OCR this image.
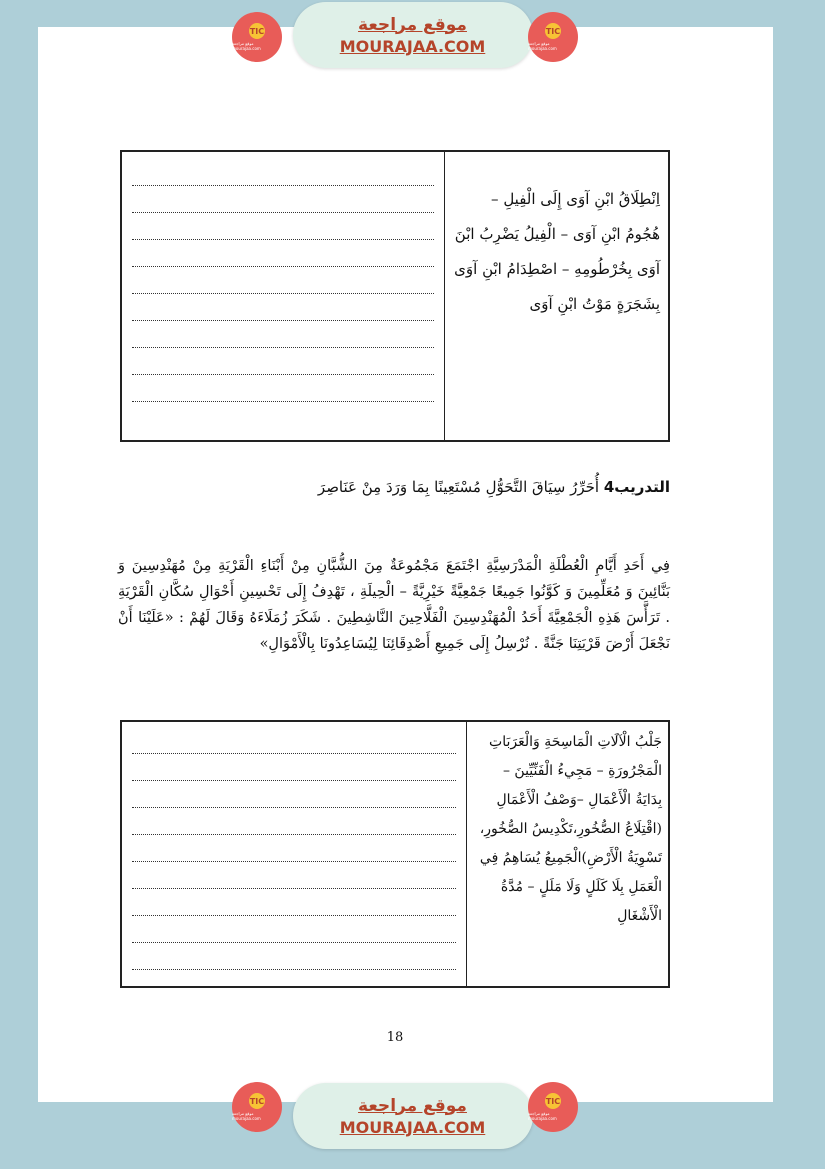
TIC
موقع مراجعة mourajaa.com
موقع مراجعة
MOURAJAA.COM
TIC
موقع مراجعة mourajaa.com

اِنْطِلَاقُ ابْنِ آوَى إِلَى الْفِيلِ – هُجُومُ ابْنِ آوَى – الْفِيلُ يَضْرِبُ ابْنَ آوَى بِخُرْطُومِهِ – اصْطِدَامُ ابْنِ آوَى بِشَجَرَةٍ مَوْتُ ابْنِ آوَى
التدريب4 أُحَرِّرُ سِيَاقَ التَّحَوُّلِ مُسْتَعِينًا بِمَا وَرَدَ مِنْ عَنَاصِرَ
فِي أَحَدِ أَيَّامِ الْعُطْلَةِ الْمَدْرَسِيَّةِ اجْتَمَعَ مَجْمُوعَةٌ مِنَ الشُّبَّانِ مِنْ أَبْنَاءِ الْقَرْيَةِ مِنْ مُهَنْدِسِينَ وَ بَنَّائِينَ وَ مُعَلِّمِينَ وَ كَوَّنُوا جَمِيعًا جَمْعِيَّةً خَيْرِيَّةً – الْحِيلَةِ ، تَهْدِفُ إِلَى تَحْسِينِ أَحْوَالِ سُكَّانِ الْقَرْيَةِ . تَرَأَّسَ هَذِهِ الْجَمْعِيَّةَ أَحَدُ الْمُهَنْدِسِينَ الْفَلَّاحِينَ النَّاشِطِينَ . شَكَرَ زُمَلَاءَهُ وَقَالَ لَهُمْ : «عَلَيْنَا أَنْ نَجْعَلَ أَرْضَ قَرْيَتِنَا جَنَّةً . نُرْسِلُ إِلَى جَمِيعِ أَصْدِقَائِنَا لِيُسَاعِدُونَا بِالْأَمْوَالِ»

جَلْبُ الْآلَاتِ الْمَاسِحَةِ وَالْعَرَبَاتِ الْمَجْرُورَةِ – مَجِيءُ الْفَنِّيِّينَ – بِدَايَةُ الْأَعْمَالِ –وَصْفُ الْأَعْمَالِ (اقْتِلَاعُ الصُّخُورِ،تَكْدِيسُ الصُّخُورِ، تَسْوِيَةُ الْأَرْضِ)الْجَمِيعُ يُسَاهِمُ فِي الْعَمَلِ بِلَا كَلَلٍ وَلَا مَلَلٍ – مُدَّةُ الْأَشْغَالِ
18
TIC
موقع مراجعة mourajaa.com
موقع مراجعة
MOURAJAA.COM
TIC
موقع مراجعة mourajaa.com
